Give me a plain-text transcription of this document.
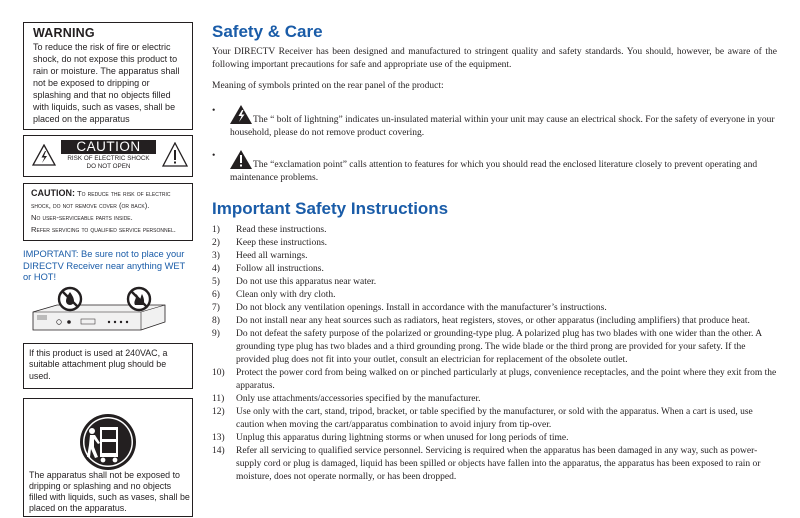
WARNING
To reduce the risk of fire or electric shock, do not expose this product to rain or moisture. The apparatus shall not be exposed to dripping or splashing and that no objects filled with liquids, such as vases, shall be placed on the apparatus
CAUTION
RISK OF ELECTRIC SHOCK
DO NOT OPEN

CAUTION: To reduce the risk of electric shock, do not remove cover (or back).

No user-serviceable parts inside.

Refer servicing to qualified service personnel.

IMPORTANT: Be sure not to place your DIRECTV Receiver near anything WET or HOT!
If this product is used at 240VAC, a suitable attachment plug should be used.
The apparatus shall not be exposed to dripping or splashing and no objects filled with liquids, such as vases, shall be placed on the apparatus.
Safety & Care
Your DIRECTV Receiver has been designed and manufactured to stringent quality and safety standards. You should, however, be aware of the following important precautions for safe and appropriate use of the equipment.
Meaning of symbols printed on the rear panel of the product:
•
The “ bolt of lightning” indicates un-insulated material within your unit may cause an electrical shock. For the safety of everyone in your household, please do not remove product covering.
•
The “exclamation point” calls attention to features for which you should read the enclosed literature closely to prevent operating and maintenance problems.
Important Safety Instructions
1) Read these instructions.
2) Keep these instructions.
3) Heed all warnings.
4) Follow all instructions.
5) Do not use this apparatus near water.
6) Clean only with dry cloth.
7) Do not block any ventilation openings. Install in accordance with the manufacturer’s instructions.
8) Do not install near any heat sources such as radiators, heat registers, stoves, or other apparatus (including amplifiers) that produce heat.
9) Do not defeat the safety purpose of the polarized or grounding-type plug. A polarized plug has two blades with one wider than the other. A grounding type plug has two blades and a third grounding prong. The wide blade or the third prong are provided for your safety. If the provided plug does not fit into your outlet, consult an electrician for replacement of the obsolete outlet.
10) Protect the power cord from being walked on or pinched particularly at plugs, convenience receptacles, and the point where they exit from the apparatus.
11) Only use attachments/accessories specified by the manufacturer.
12) Use only with the cart, stand, tripod, bracket, or table specified by the manufacturer, or sold with the apparatus. When a cart is used, use caution when moving the cart/apparatus combination to avoid injury from tip-over.
13) Unplug this apparatus during lightning storms or when unused for long periods of time.
14) Refer all servicing to qualified service personnel. Servicing is required when the apparatus has been damaged in any way, such as power-supply cord or plug is damaged, liquid has been spilled or objects have fallen into the apparatus, the apparatus has been exposed to rain or moisture, does not operate normally, or has been dropped.
